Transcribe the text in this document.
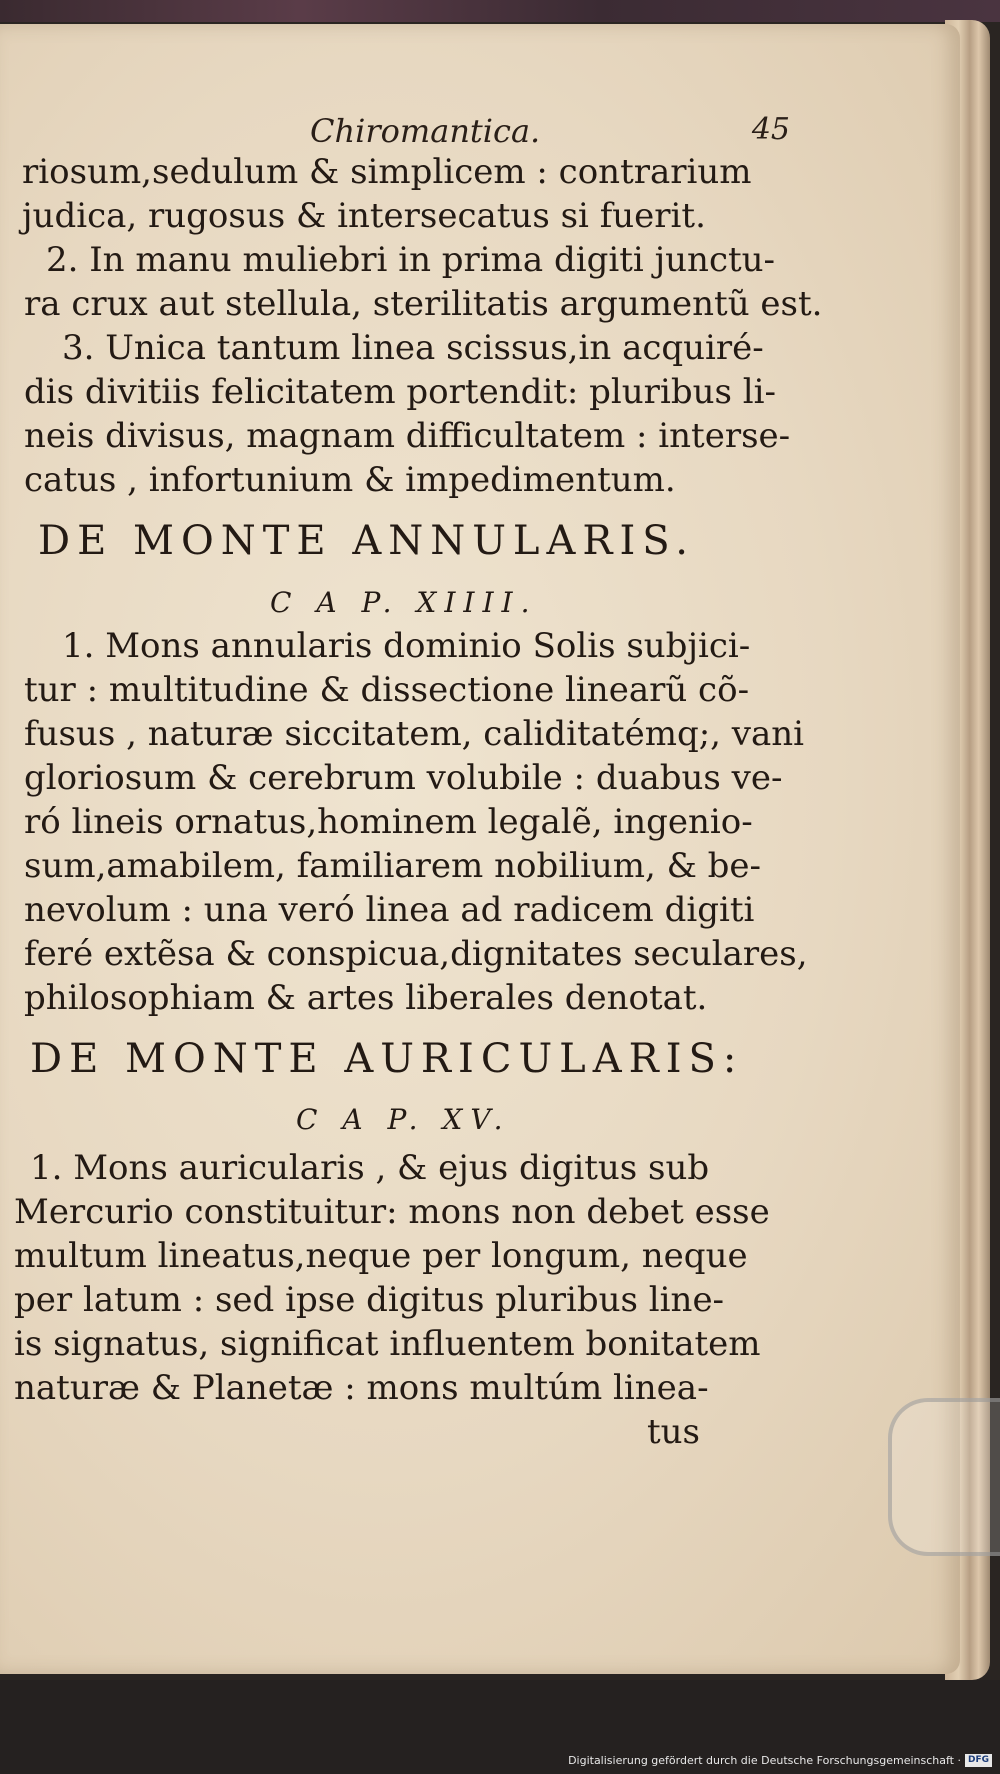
Chiromantica.	45
riosum,sedulum & simplicem : contrarium
judica, rugosus & intersecatus si fuerit.
2. In manu muliebri in prima digiti junctu-
ra crux aut stellula, sterilitatis argumentũ est.
3. Unica tantum linea scissus,in acquiré-
dis divitiis felicitatem portendit: pluribus li-
neis divisus, magnam difficultatem : interse-
catus , infortunium & impedimentum.
DE MONTE ANNULARIS.
C A P. XIIII.
1. Mons annularis dominio Solis subjici-
tur : multitudine & dissectione linearũ cõ-
fusus , naturæ siccitatem, caliditatémq;, vani
gloriosum & cerebrum volubile : duabus ve-
ró lineis ornatus,hominem legalẽ, ingenio-
sum,amabilem, familiarem nobilium, & be-
nevolum : una veró linea ad radicem digiti
feré extẽsa & conspicua,dignitates seculares,
philosophiam & artes liberales denotat.
DE MONTE AURICULARIS:
C A P. XV.
1. Mons auricularis , & ejus digitus sub
Mercurio constituitur: mons non debet esse
multum lineatus,neque per longum, neque
per latum : sed ipse digitus pluribus line-
is signatus, significat influentem bonitatem
naturæ & Planetæ : mons multúm linea-
tus
Digitalisierung gefördert durch die Deutsche Forschungsgemeinschaft · DFG
